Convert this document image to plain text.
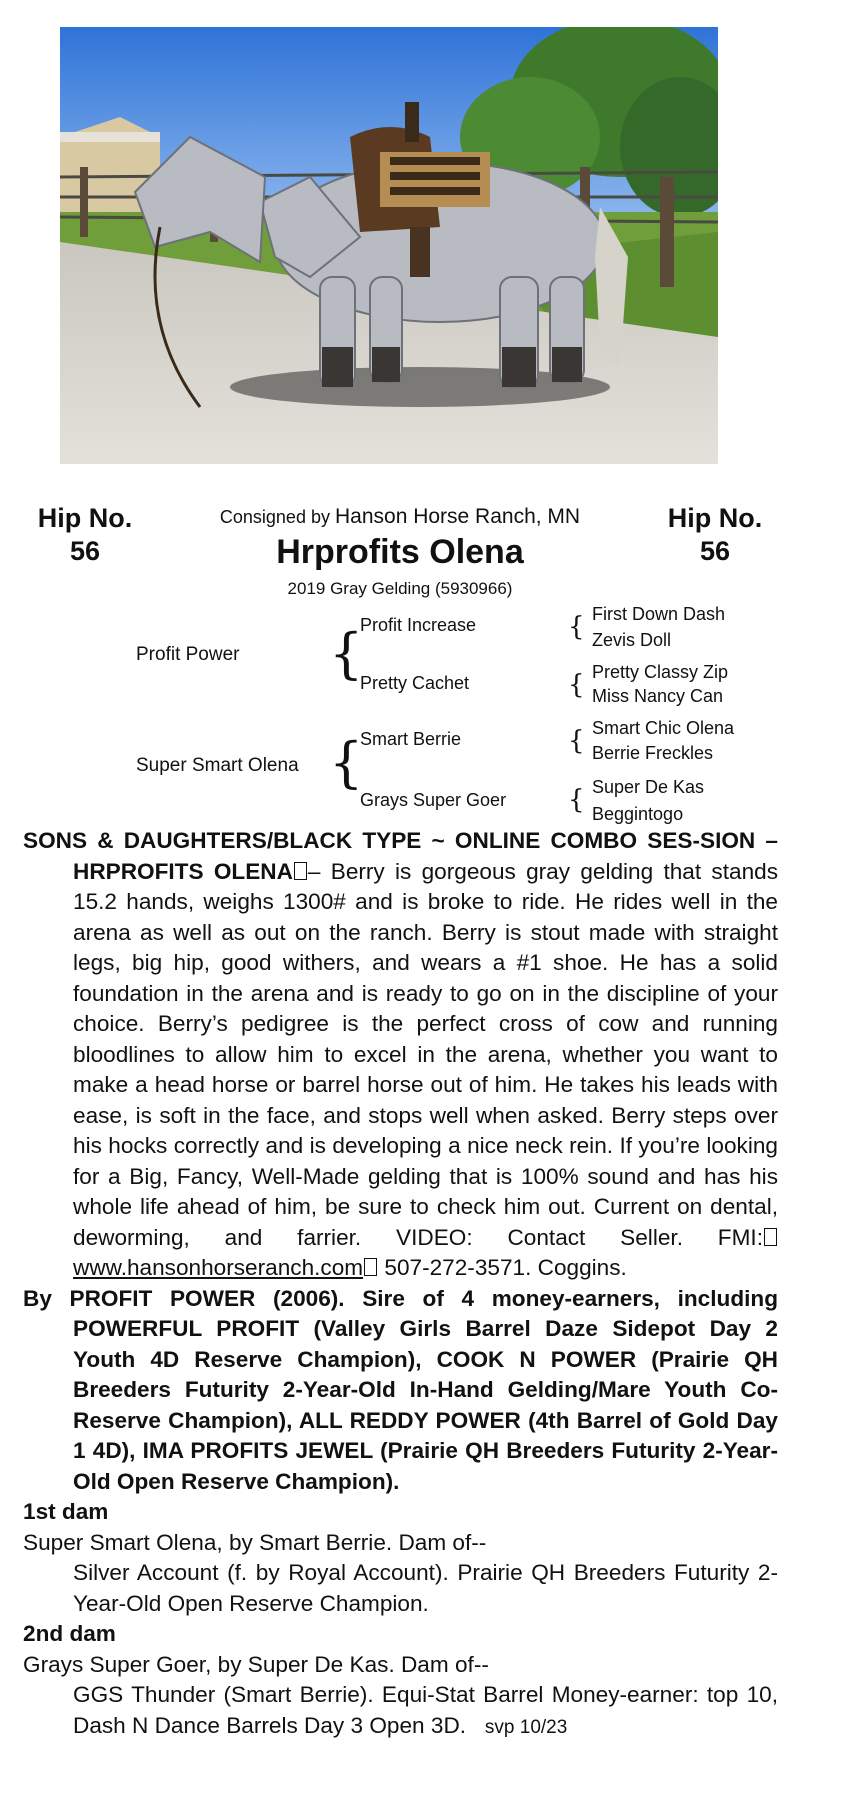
Hip No.
56
Hip No.
56
Consigned by Hanson Horse Ranch, MN
Hrprofits Olena
2019 Gray Gelding (5930966)
Profit Power
Super Smart Olena
{
{
Profit Increase
Pretty Cachet
Smart Berrie
Grays Super Goer
{
{
{
{
First Down Dash
Zevis Doll
Pretty Classy Zip
Miss Nancy Can
Smart Chic Olena
Berrie Freckles
Super De Kas
Beggintogo

SONS & DAUGHTERS/BLACK TYPE ~ ONLINE COMBO SES-SION – HRPROFITS OLENA – Berry is gorgeous gray gelding that stands 15.2 hands, weighs 1300# and is broke to ride. He rides well in the arena as well as out on the ranch. Berry is stout made with straight legs, big hip, good withers, and wears a #1 shoe. He has a solid foundation in the arena and is ready to go on in the discipline of your choice. Berry’s pedigree is the perfect cross of cow and running bloodlines to allow him to excel in the arena, whether you want to make a head horse or barrel horse out of him. He takes his leads with ease, is soft in the face, and stops well when asked. Berry steps over his hocks correctly and is developing a nice neck rein. If you’re looking for a Big, Fancy, Well-Made gelding that is 100% sound and has his whole life ahead of him, be sure to check him out. Current on dental, deworming, and farrier. VIDEO: Contact Seller. FMI:www.hansonhorseranch.com 507-272-3571. Coggins.

By PROFIT POWER (2006). Sire of 4 money-earners, including POWERFUL PROFIT (Valley Girls Barrel Daze Sidepot Day 2 Youth 4D Reserve Champion), COOK N POWER (Prairie QH Breeders Futurity 2-Year-Old In-Hand Gelding/Mare Youth Co-Reserve Champion), ALL REDDY POWER (4th Barrel of Gold Day 1 4D), IMA PROFITS JEWEL (Prairie QH Breeders Futurity 2-Year-Old Open Reserve Champion).

1st dam

Super Smart Olena, by Smart Berrie. Dam of--

Silver Account (f. by Royal Account). Prairie QH Breeders Futurity 2-Year-Old Open Reserve Champion.

2nd dam

Grays Super Goer, by Super De Kas. Dam of--

GGS Thunder (Smart Berrie). Equi-Stat Barrel Money-earner: top 10, Dash N Dance Barrels Day 3 Open 3D. svp 10/23
